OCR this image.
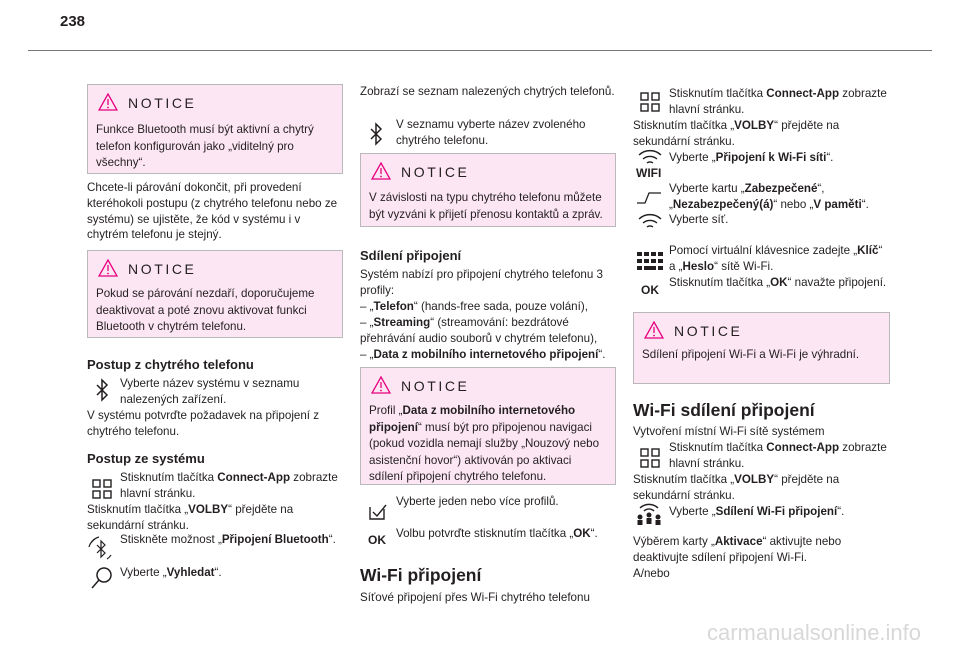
238
NOTICE
Funkce Bluetooth musí být aktivní a chytrý telefon konfigurován jako „viditelný pro všechny“.
Chcete-li párování dokončit, při provedení kteréhokoli postupu (z chytrého telefonu nebo ze systému) se ujistěte, že kód v systému i v chytrém telefonu je stejný.
NOTICE
Pokud se párování nezdaří, doporučujeme deaktivovat a poté znovu aktivovat funkci Bluetooth v chytrém telefonu.
Postup z chytrého telefonu
Vyberte název systému v seznamu nalezených zařízení.
V systému potvrďte požadavek na připojení z chytrého telefonu.
Postup ze systému
Stisknutím tlačítka Connect-App zobrazte hlavní stránku.
Stisknutím tlačítka „VOLBY“ přejděte na sekundární stránku.
Stiskněte možnost „Připojení Bluetooth“.
Vyberte „Vyhledat“.
Zobrazí se seznam nalezených chytrých telefonů.
V seznamu vyberte název zvoleného chytrého telefonu.
NOTICE
V závislosti na typu chytrého telefonu můžete být vyzváni k přijetí přenosu kontaktů a zpráv.
Sdílení připojení
Systém nabízí pro připojení chytrého telefonu 3 profily:
– „Telefon“ (hands-free sada, pouze volání),
– „Streaming“ (streamování: bezdrátové přehrávání audio souborů v chytrém telefonu),
– „Data z mobilního internetového připojení“.
NOTICE
Profil „Data z mobilního internetového připojení“ musí být pro připojenou navigaci (pokud vozidla nemají služby „Nouzový nebo asistenční hovor“) aktivován po aktivaci sdílení připojení chytrého telefonu.
Vyberte jeden nebo více profilů.
OK Volbu potvrďte stisknutím tlačítka „OK“.
Wi-Fi připojení
Síťové připojení přes Wi-Fi chytrého telefonu
Stisknutím tlačítka Connect-App zobrazte hlavní stránku.
Stisknutím tlačítka „VOLBY“ přejděte na sekundární stránku.
WIFI
Vyberte „Připojení k Wi-Fi síti“.
Vyberte kartu „Zabezpečené“, „Nezabezpečený(á)“ nebo „V paměti“.
Vyberte síť.
Pomocí virtuální klávesnice zadejte „Klíč“ a „Heslo“ sítě Wi-Fi.
OK
Stisknutím tlačítka „OK“ navažte připojení.
NOTICE
Sdílení připojení Wi-Fi a Wi-Fi je výhradní.
Wi-Fi sdílení připojení
Vytvoření místní Wi-Fi sítě systémem
Stisknutím tlačítka Connect-App zobrazte hlavní stránku.
Stisknutím tlačítka „VOLBY“ přejděte na sekundární stránku.
Vyberte „Sdílení Wi-Fi připojení“.
Výběrem karty „Aktivace“ aktivujte nebo deaktivujte sdílení připojení Wi-Fi.
A/nebo
carmanualsonline.info
